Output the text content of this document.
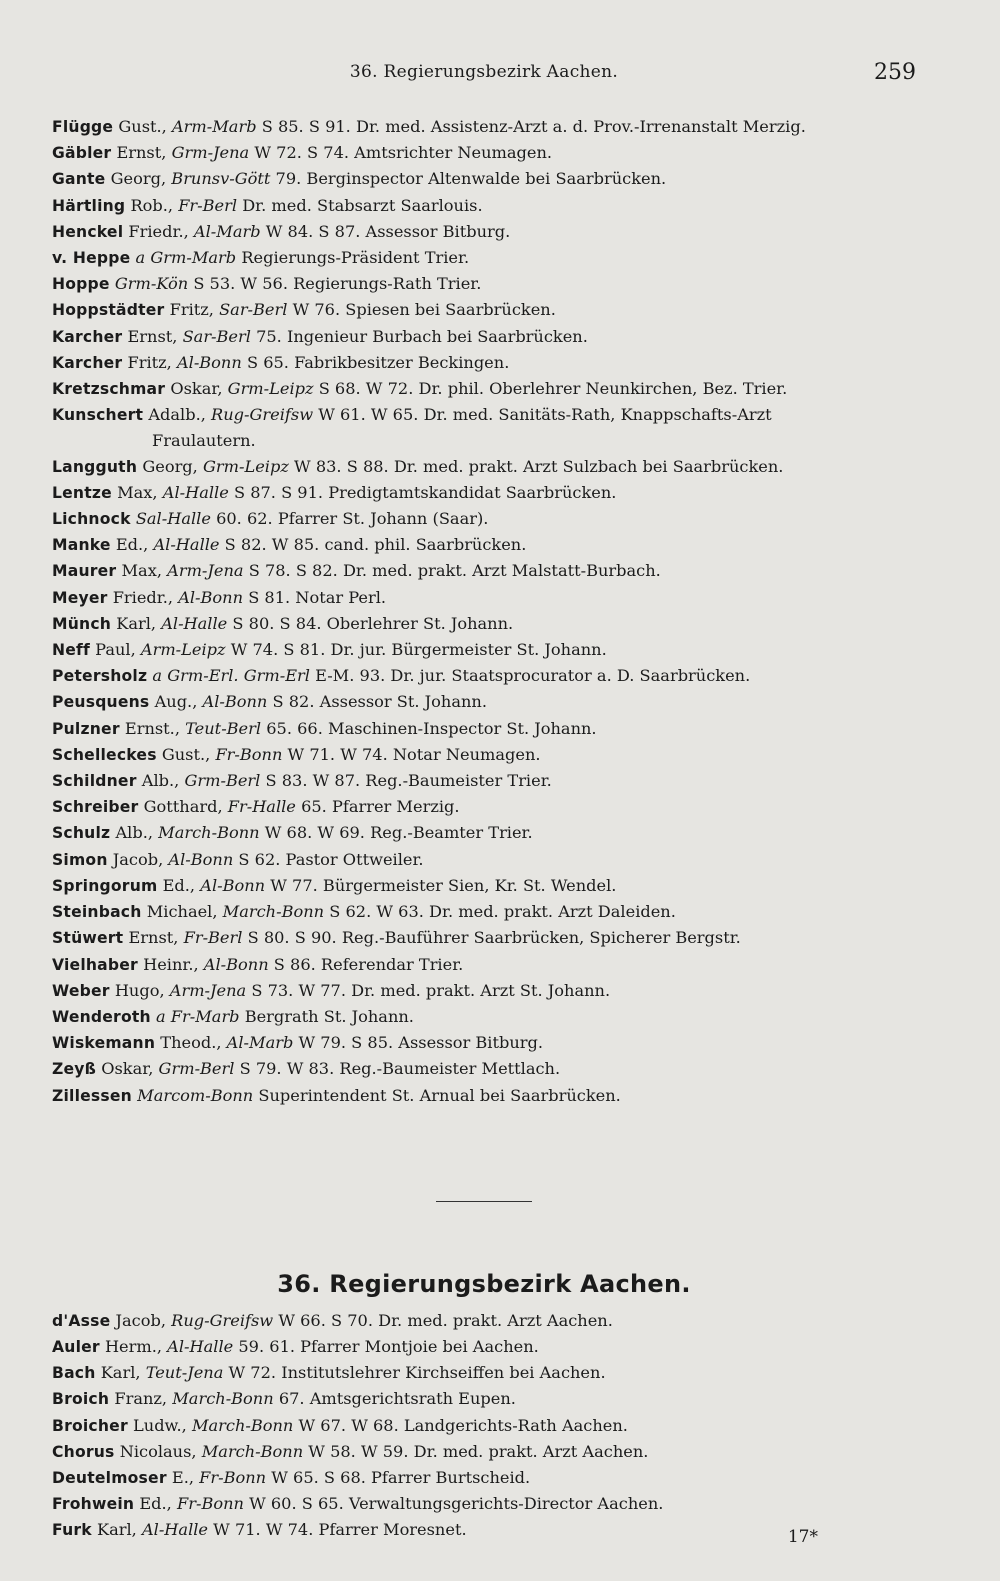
36. Regierungsbezirk Aachen.	259
Flügge Gust., Arm-Marb S 85. S 91. Dr. med. Assistenz-Arzt a. d. Prov.-Irrenanstalt Merzig.
Gäbler Ernst, Grm-Jena W 72. S 74. Amtsrichter Neumagen.
Gante Georg, Brunsv-Gött 79. Berginspector Altenwalde bei Saarbrücken.
Härtling Rob., Fr-Berl Dr. med. Stabsarzt Saarlouis.
Henckel Friedr., Al-Marb W 84. S 87. Assessor Bitburg.
v. Heppe a Grm-Marb Regierungs-Präsident Trier.
Hoppe Grm-Kön S 53. W 56. Regierungs-Rath Trier.
Hoppstädter Fritz, Sar-Berl W 76. Spiesen bei Saarbrücken.
Karcher Ernst, Sar-Berl 75. Ingenieur Burbach bei Saarbrücken.
Karcher Fritz, Al-Bonn S 65. Fabrikbesitzer Beckingen.
Kretzschmar Oskar, Grm-Leipz S 68. W 72. Dr. phil. Oberlehrer Neunkirchen, Bez. Trier.
Kunschert Adalb., Rug-Greifsw W 61. W 65. Dr. med. Sanitäts-Rath, Knappschafts-Arzt
Fraulautern.
Langguth Georg, Grm-Leipz W 83. S 88. Dr. med. prakt. Arzt Sulzbach bei Saarbrücken.
Lentze Max, Al-Halle S 87. S 91. Predigtamtskandidat Saarbrücken.
Lichnock Sal-Halle 60. 62. Pfarrer St. Johann (Saar).
Manke Ed., Al-Halle S 82. W 85. cand. phil. Saarbrücken.
Maurer Max, Arm-Jena S 78. S 82. Dr. med. prakt. Arzt Malstatt-Burbach.
Meyer Friedr., Al-Bonn S 81. Notar Perl.
Münch Karl, Al-Halle S 80. S 84. Oberlehrer St. Johann.
Neff Paul, Arm-Leipz W 74. S 81. Dr. jur. Bürgermeister St. Johann.
Petersholz a Grm-Erl. Grm-Erl E-M. 93. Dr. jur. Staatsprocurator a. D. Saarbrücken.
Peusquens Aug., Al-Bonn S 82. Assessor St. Johann.
Pulzner Ernst., Teut-Berl 65. 66. Maschinen-Inspector St. Johann.
Schelleckes Gust., Fr-Bonn W 71. W 74. Notar Neumagen.
Schildner Alb., Grm-Berl S 83. W 87. Reg.-Baumeister Trier.
Schreiber Gotthard, Fr-Halle 65. Pfarrer Merzig.
Schulz Alb., March-Bonn W 68. W 69. Reg.-Beamter Trier.
Simon Jacob, Al-Bonn S 62. Pastor Ottweiler.
Springorum Ed., Al-Bonn W 77. Bürgermeister Sien, Kr. St. Wendel.
Steinbach Michael, March-Bonn S 62. W 63. Dr. med. prakt. Arzt Daleiden.
Stüwert Ernst, Fr-Berl S 80. S 90. Reg.-Bauführer Saarbrücken, Spicherer Bergstr.
Vielhaber Heinr., Al-Bonn S 86. Referendar Trier.
Weber Hugo, Arm-Jena S 73. W 77. Dr. med. prakt. Arzt St. Johann.
Wenderoth a Fr-Marb Bergrath St. Johann.
Wiskemann Theod., Al-Marb W 79. S 85. Assessor Bitburg.
Zeyß Oskar, Grm-Berl S 79. W 83. Reg.-Baumeister Mettlach.
Zillessen Marcom-Bonn Superintendent St. Arnual bei Saarbrücken.
36. Regierungsbezirk Aachen.
d'Asse Jacob, Rug-Greifsw W 66. S 70. Dr. med. prakt. Arzt Aachen.
Auler Herm., Al-Halle 59. 61. Pfarrer Montjoie bei Aachen.
Bach Karl, Teut-Jena W 72. Institutslehrer Kirchseiffen bei Aachen.
Broich Franz, March-Bonn 67. Amtsgerichtsrath Eupen.
Broicher Ludw., March-Bonn W 67. W 68. Landgerichts-Rath Aachen.
Chorus Nicolaus, March-Bonn W 58. W 59. Dr. med. prakt. Arzt Aachen.
Deutelmoser E., Fr-Bonn W 65. S 68. Pfarrer Burtscheid.
Frohwein Ed., Fr-Bonn W 60. S 65. Verwaltungsgerichts-Director Aachen.
Furk Karl, Al-Halle W 71. W 74. Pfarrer Moresnet.	17*
